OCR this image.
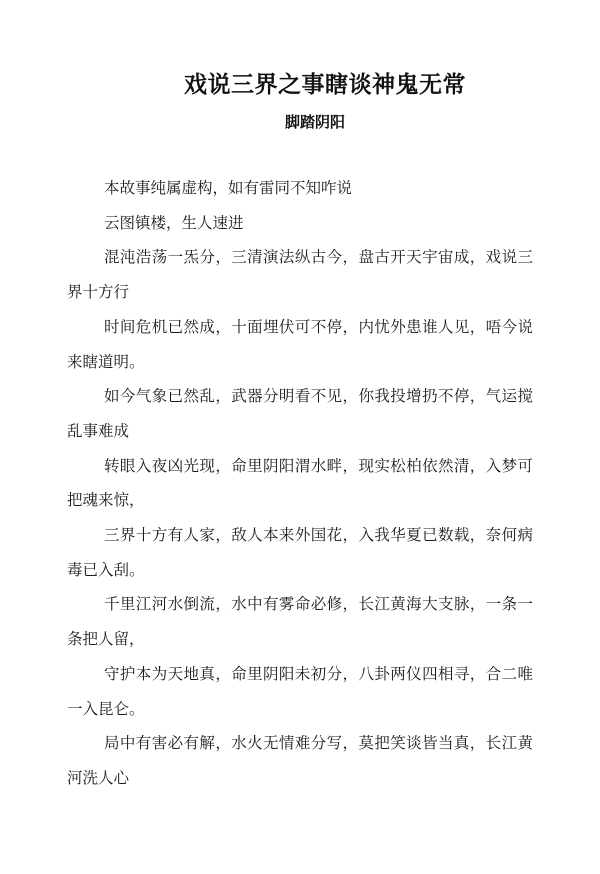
戏说三界之事瞎谈神鬼无常
脚踏阴阳

本故事纯属虚构，如有雷同不知咋说

云图镇楼，生人速进

混沌浩荡一炁分，三清演法纵古今，盘古开天宇宙成，戏说三界十方行

时间危机已然成，十面埋伏可不停，内忧外患谁人见，唔今说来瞎道明。

如今气象已然乱，武器分明看不见，你我投增扔不停，气运搅乱事难成

转眼入夜凶光现，命里阴阳渭水畔，现实松柏依然清，入梦可把魂来惊，

三界十方有人家，敌人本来外国花，入我华夏已数载，奈何病毒已入刮。

千里江河水倒流，水中有雾命必修，长江黄海大支脉，一条一条把人留，

守护本为天地真，命里阴阳未初分，八卦两仪四相寻，合二唯一入昆仑。

局中有害必有解，水火无情难分写，莫把笑谈皆当真，长江黄河洗人心
